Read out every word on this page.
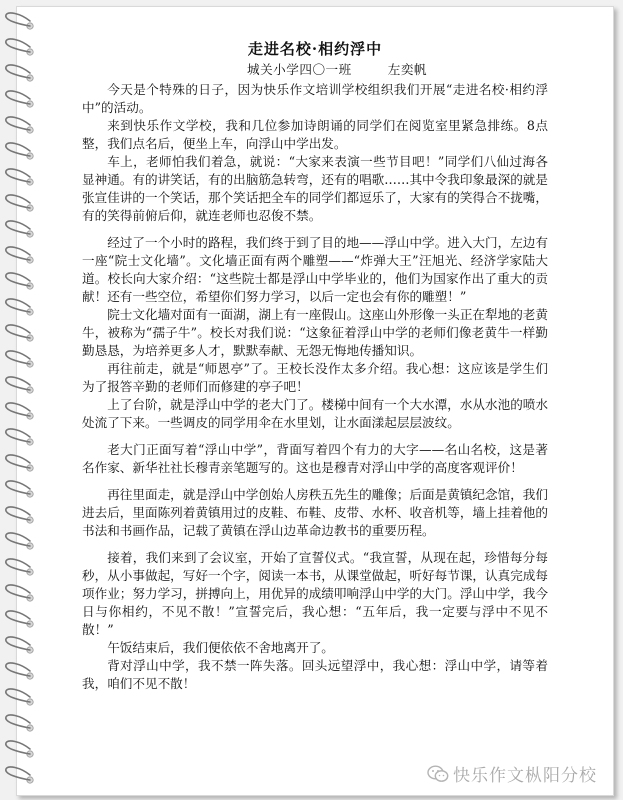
走进名校·相约浮中
城关小学四〇一班	左奕帆

今天是个特殊的日子，因为快乐作文培训学校组织我们开展“走进名校·相约浮中”的活动。

来到快乐作文学校，我和几位参加诗朗诵的同学们在阅览室里紧急排练。8点整，我们点名后，便坐上车，向浮山中学出发。

车上，老师怕我们着急，就说：“大家来表演一些节目吧！”同学们八仙过海各显神通。有的讲笑话，有的出脑筋急转弯，还有的唱歌……其中令我印象最深的就是张宣佳讲的一个笑话，那个笑话把全车的同学们都逗乐了，大家有的笑得合不拢嘴，有的笑得前俯后仰，就连老师也忍俊不禁。

经过了一个小时的路程，我们终于到了目的地——浮山中学。进入大门，左边有一座“院士文化墙”。文化墙正面有两个雕塑——“炸弹大王”汪旭光、经济学家陆大道。校长向大家介绍：“这些院士都是浮山中学毕业的，他们为国家作出了重大的贡献！还有一些空位，希望你们努力学习，以后一定也会有你的雕塑！”

院士文化墙对面有一面湖，湖上有一座假山。这座山外形像一头正在犁地的老黄牛，被称为“孺子牛”。校长对我们说：“这象征着浮山中学的老师们像老黄牛一样勤勤恳恳，为培养更多人才，默默奉献、无怨无悔地传播知识。

再往前走，就是“师恩亭”了。王校长没作太多介绍。我心想：这应该是学生们为了报答辛勤的老师们而修建的亭子吧！

上了台阶，就是浮山中学的老大门了。楼梯中间有一个大水潭，水从水池的喷水处流了下来。一些调皮的同学用伞在水里划，让水面漾起层层波纹。

老大门正面写着“浮山中学”，背面写着四个有力的大字——名山名校，这是著名作家、新华社社长穆青亲笔题写的。这也是穆青对浮山中学的高度客观评价！

再往里面走，就是浮山中学创始人房秩五先生的雕像；后面是黄镇纪念馆，我们进去后，里面陈列着黄镇用过的皮鞋、布鞋、皮带、水杯、收音机等，墙上挂着他的书法和书画作品，记载了黄镇在浮山边革命边教书的重要历程。

接着，我们来到了会议室，开始了宣誓仪式。“我宣誓，从现在起，珍惜每分每秒，从小事做起，写好一个字，阅读一本书，从课堂做起，听好每节课，认真完成每项作业；努力学习，拼搏向上，用优异的成绩叩响浮山中学的大门。浮山中学，我今日与你相约，不见不散！”宣誓完后，我心想：“五年后，我一定要与浮中不见不散！”

午饭结束后，我们便依依不舍地离开了。

背对浮山中学，我不禁一阵失落。回头远望浮中，我心想：浮山中学，请等着我，咱们不见不散！

快乐作文枞阳分校
